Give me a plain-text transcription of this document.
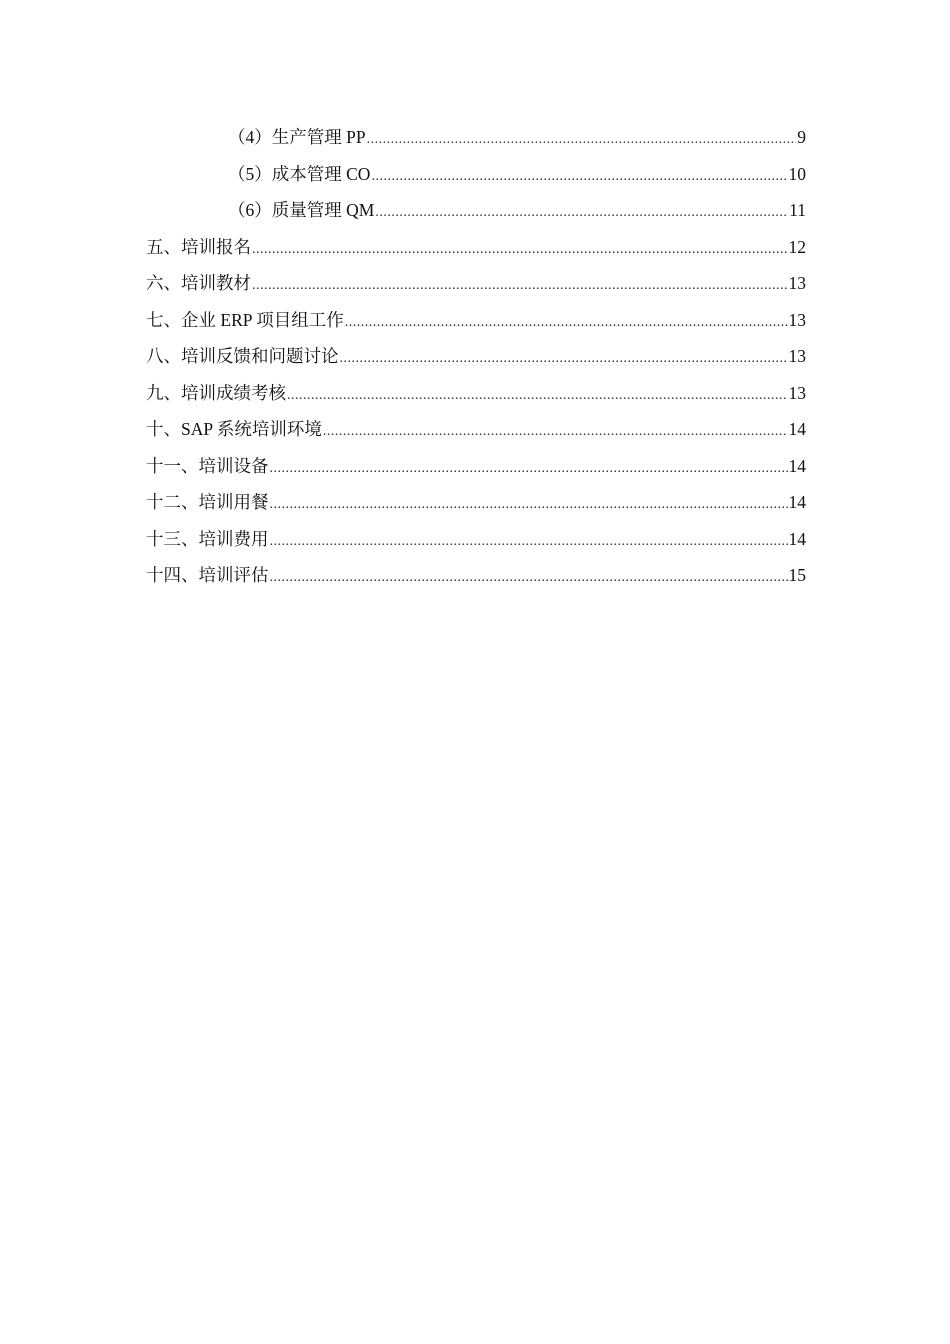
（4）生产管理 PP .....	9
（5）成本管理 CO .....	10
（6）质量管理 QM .....	11
五、培训报名 .....	12
六、培训教材 .....	13
七、企业 ERP 项目组工作 .....	13
八、培训反馈和问题讨论 .....	13
九、培训成绩考核 .....	13
十、SAP 系统培训环境 .....	14
十一、培训设备 .....	14
十二、培训用餐 .....	14
十三、培训费用 .....	14
十四、培训评估 .....	15
